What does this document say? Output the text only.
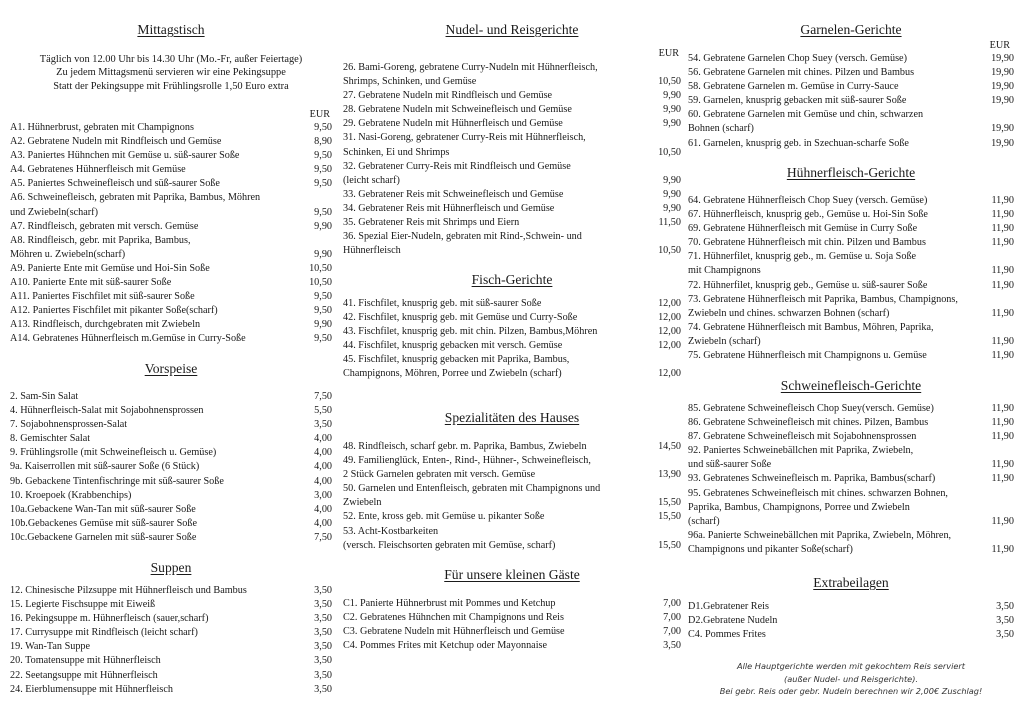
Mittagstisch
Täglich von 12.00 Uhr bis 14.30 Uhr (Mo.-Fr, außer Feiertage)
Zu jedem Mittagsmenü servieren wir eine Pekingsuppe
Statt der Pekingsuppe mit Frühlingsrolle 1,50 Euro extra
EUR
A1. Hühnerbrust, gebraten mit Champignons	9,50
A2. Gebratene Nudeln mit Rindfleisch und Gemüse	8,90
A3. Paniertes Hühnchen mit Gemüse u. süß-saurer Soße	9,50
A4. Gebratenes Hühnerfleisch mit Gemüse	9,50
A5. Paniertes Schweinefleisch und süß-saurer Soße	9,50
A6. Schweinefleisch, gebraten mit Paprika, Bambus, Möhren
und Zwiebeln(scharf)	9,50
A7. Rindfleisch, gebraten mit versch. Gemüse	9,90
A8. Rindfleisch, gebr. mit Paprika, Bambus,
Möhren u. Zwiebeln(scharf)	9,90
A9. Panierte Ente mit Gemüse und Hoi-Sin Soße	10,50
A10. Panierte Ente mit süß-saurer Soße	10,50
A11. Paniertes Fischfilet mit süß-saurer Soße	9,50
A12. Paniertes Fischfilet mit pikanter Soße(scharf)	9,50
A13. Rindfleisch, durchgebraten mit Zwiebeln	9,90
A14. Gebratenes Hühnerfleisch m.Gemüse in Curry-Soße	9,50
Vorspeise
2. Sam-Sin Salat	7,50
4. Hühnerfleisch-Salat mit Sojabohnensprossen	5,50
7. Sojabohnensprossen-Salat	3,50
8. Gemischter Salat	4,00
9. Frühlingsrolle (mit Schweinefleisch u. Gemüse)	4,00
9a. Kaiserrollen mit süß-saurer Soße (6 Stück)	4,00
9b. Gebackene Tintenfischringe mit süß-saurer Soße	4,00
10. Kroepoek (Krabbenchips)	3,00
10a.Gebackene Wan-Tan mit süß-saurer Soße	4,00
10b.Gebackenes Gemüse mit süß-saurer Soße	4,00
10c.Gebackene Garnelen mit süß-saurer Soße	7,50
Suppen
12. Chinesische Pilzsuppe mit Hühnerfleisch und Bambus	3,50
15. Legierte Fischsuppe mit Eiweiß	3,50
16. Pekingsuppe m. Hühnerfleisch (sauer,scharf)	3,50
17. Currysuppe mit Rindfleisch (leicht scharf)	3,50
19. Wan-Tan Suppe	3,50
20. Tomatensuppe mit Hühnerfleisch	3,50
22. Seetangsuppe mit Hühnerfleisch	3,50
24. Eierblumensuppe mit Hühnerfleisch	3,50
Nudel- und Reisgerichte
EUR
26. Bami-Goreng, gebratene Curry-Nudeln mit Hühnerfleisch,
Shrimps, Schinken, und Gemüse	10,50
27. Gebratene Nudeln mit Rindfleisch und Gemüse	9,90
28. Gebratene Nudeln mit Schweinefleisch und Gemüse	9,90
29. Gebratene Nudeln mit Hühnerfleisch und Gemüse	9,90
31. Nasi-Goreng, gebratener Curry-Reis mit Hühnerfleisch,
Schinken, Ei und Shrimps	10,50
32. Gebratener Curry-Reis mit Rindfleisch und Gemüse
(leicht scharf)	9,90
33. Gebratener Reis mit Schweinefleisch und Gemüse	9,90
34. Gebratener Reis mit Hühnerfleisch und Gemüse	9,90
35. Gebratener Reis mit Shrimps und Eiern	11,50
36. Spezial Eier-Nudeln, gebraten mit Rind-,Schwein- und
Hühnerfleisch	10,50
Fisch-Gerichte
41. Fischfilet, knusprig geb. mit süß-saurer Soße	12,00
42. Fischfilet, knusprig geb. mit Gemüse und Curry-Soße	12,00
43. Fischfilet, knusprig geb. mit chin. Pilzen, Bambus,Möhren	12,00
44. Fischfilet, knusprig gebacken mit versch. Gemüse	12,00
45. Fischfilet, knusprig gebacken mit Paprika, Bambus,
Champignons, Möhren, Porree und Zwiebeln (scharf)	12,00
Spezialitäten des Hauses
48. Rindfleisch, scharf gebr. m. Paprika, Bambus, Zwiebeln	14,50
49. Familienglück, Enten-, Rind-, Hühner-, Schweinefleisch,
2 Stück Garnelen gebraten mit versch. Gemüse	13,90
50. Garnelen und Entenfleisch, gebraten mit Champignons und
Zwiebeln	15,50
52. Ente, kross geb. mit Gemüse u. pikanter Soße	15,50
53. Acht-Kostbarkeiten
(versch. Fleischsorten gebraten mit Gemüse, scharf)	15,50
Für unsere kleinen Gäste
C1. Panierte Hühnerbrust mit Pommes und Ketchup	7,00
C2. Gebratenes Hühnchen mit Champignons und Reis	7,00
C3. Gebratene Nudeln mit Hühnerfleisch und Gemüse	7,00
C4. Pommes Frites mit Ketchup oder Mayonnaise	3,50
Garnelen-Gerichte
EUR
54. Gebratene Garnelen Chop Suey (versch. Gemüse)	19,90
56. Gebratene Garnelen mit chines. Pilzen und Bambus	19,90
58. Gebratene Garnelen m. Gemüse in Curry-Sauce	19,90
59. Garnelen, knusprig gebacken mit süß-saurer Soße	19,90
60. Gebratene Garnelen mit Gemüse und chin, schwarzen
Bohnen (scharf)	19,90
61. Garnelen, knusprig geb. in Szechuan-scharfe Soße	19,90
Hühnerfleisch-Gerichte
64. Gebratene Hühnerfleisch Chop Suey (versch. Gemüse)	11,90
67. Hühnerfleisch, knusprig geb., Gemüse u. Hoi-Sin Soße	11,90
69. Gebratene Hühnerfleisch mit Gemüse in Curry Soße	11,90
70. Gebratene Hühnerfleisch mit chin. Pilzen und Bambus	11,90
71. Hühnerfilet, knusprig geb., m. Gemüse u. Soja Soße
mit Champignons	11,90
72. Hühnerfilet, knusprig geb., Gemüse u. süß-saurer Soße	11,90
73. Gebratene Hühnerfleisch mit Paprika, Bambus, Champignons,
Zwiebeln und chines. schwarzen Bohnen (scharf)	11,90
74. Gebratene Hühnerfleisch mit Bambus, Möhren, Paprika,
Zwiebeln (scharf)	11,90
75. Gebratene Hühnerfleisch mit Champignons u. Gemüse	11,90
Schweinefleisch-Gerichte
85. Gebratene Schweinefleisch Chop Suey(versch. Gemüse)	11,90
86. Gebratene Schweinefleisch mit chines. Pilzen, Bambus	11,90
87. Gebratene Schweinefleisch mit Sojabohnensprossen	11,90
92. Paniertes Schweinebällchen mit Paprika, Zwiebeln,
und süß-saurer Soße	11,90
93. Gebratenes Schweinefleisch m. Paprika, Bambus(scharf)	11,90
95. Gebratenes Schweinefleisch mit chines. schwarzen Bohnen,
Paprika, Bambus, Champignons, Porree und Zwiebeln
(scharf)	11,90
96a. Panierte Schweinebällchen mit Paprika, Zwiebeln, Möhren,
Champignons und pikanter Soße(scharf)	11,90
Extrabeilagen
D1.Gebratener Reis	3,50
D2.Gebratene Nudeln	3,50
C4. Pommes Frites	3,50
Alle Hauptgerichte werden mit gekochtem Reis serviert
(außer Nudel- und Reisgerichte).
Bei gebr. Reis oder gebr. Nudeln berechnen wir 2,00€ Zuschlag!
